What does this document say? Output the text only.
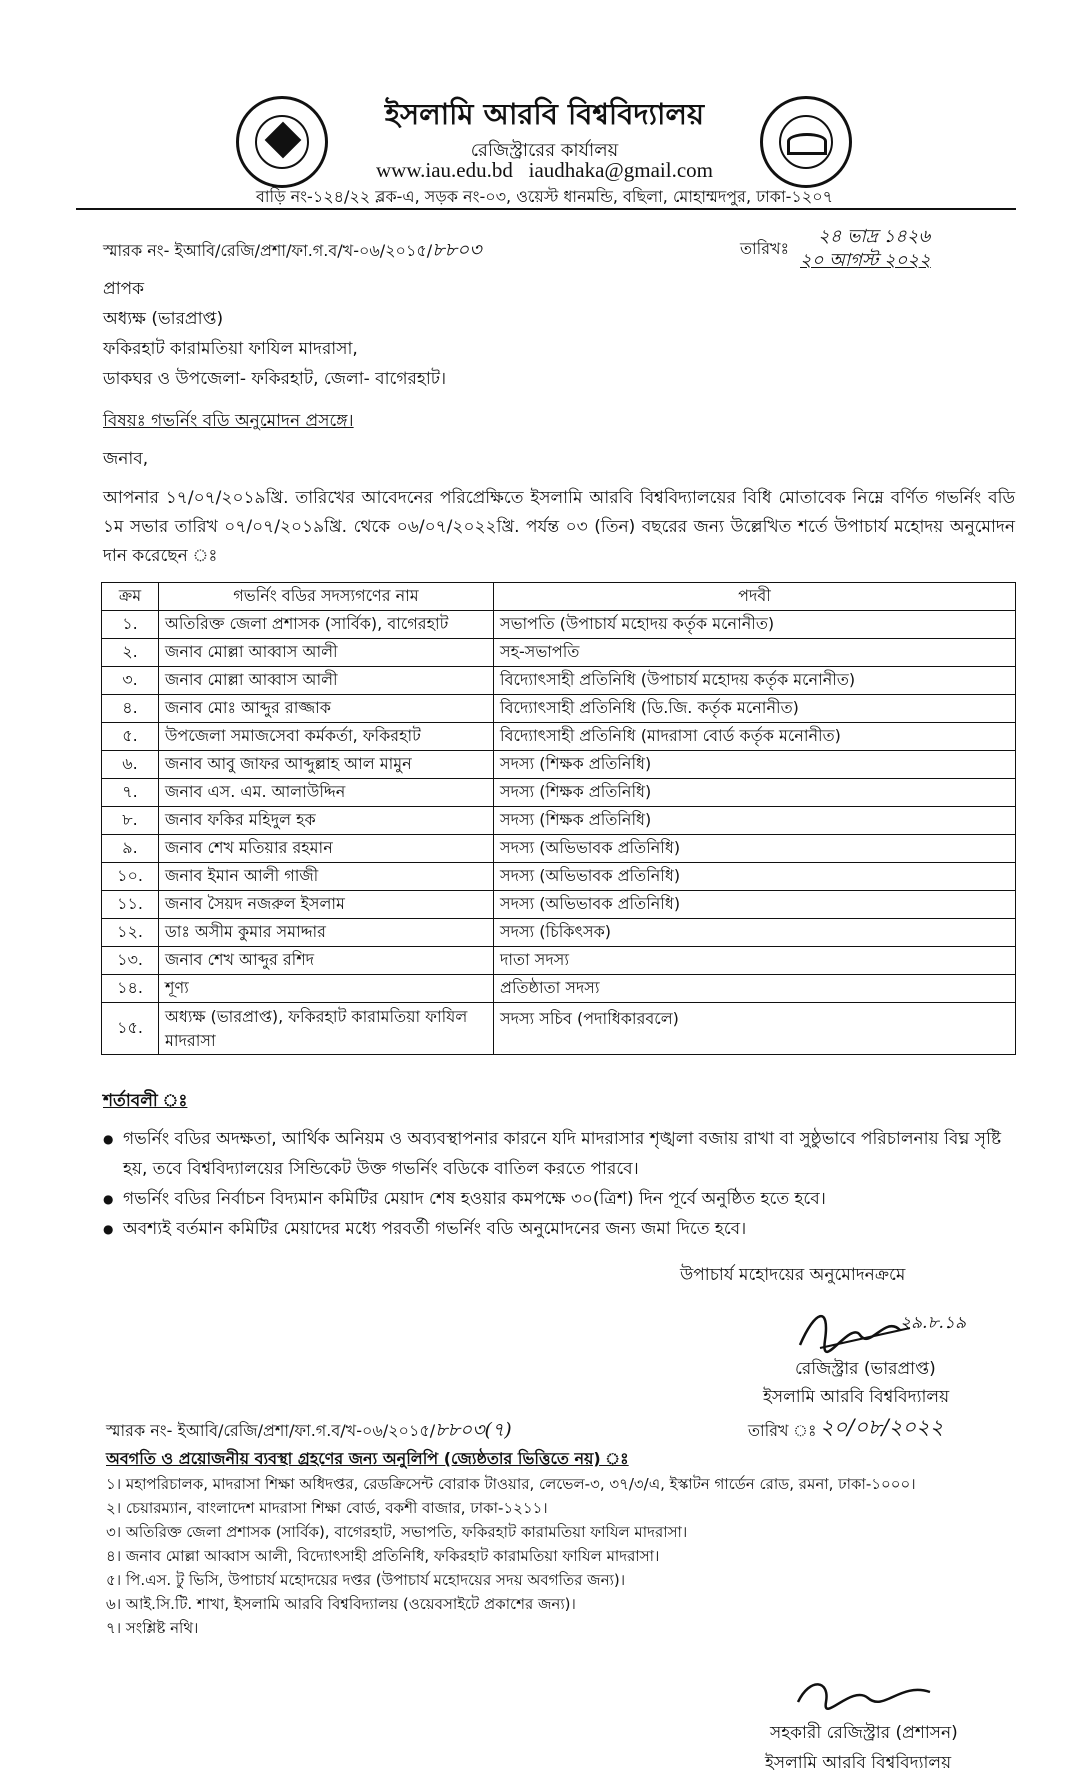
ইসলামি আরবি বিশ্ববিদ্যালয়
রেজিস্ট্রারের কার্যালয়
www.iau.edu.bd iaudhaka@gmail.com
বাড়ি নং-১২৪/২২ ব্লক-এ, সড়ক নং-০৩, ওয়েস্ট ধানমন্ডি, বছিলা, মোহাম্মদপুর, ঢাকা-১২০৭
স্মারক নং- ইআবি/রেজি/প্রশা/ফা.গ.ব/খ-০৬/২০১৫/৮৮০৩	তারিখঃ
২৪ ভাদ্র ১৪২৬
২০ আগস্ট ২০২২
প্রাপক
অধ্যক্ষ (ভারপ্রাপ্ত)
ফকিরহাট কারামতিয়া ফাযিল মাদরাসা,
ডাকঘর ও উপজেলা- ফকিরহাট, জেলা- বাগেরহাট।
বিষয়ঃ গভর্নিং বডি অনুমোদন প্রসঙ্গে।
জনাব,
আপনার ১৭/০৭/২০১৯খ্রি. তারিখের আবেদনের পরিপ্রেক্ষিতে ইসলামি আরবি বিশ্ববিদ্যালয়ের বিধি মোতাবেক নিম্নে বর্ণিত গভর্নিং বডি ১ম সভার তারিখ ০৭/০৭/২০১৯খ্রি. থেকে ০৬/০৭/২০২২খ্রি. পর্যন্ত ০৩ (তিন) বছরের জন্য উল্লেখিত শর্তে উপাচার্য মহোদয় অনুমোদন দান করেছেন ঃ
ক্রম	গভর্নিং বডির সদস্যগণের নাম	পদবী
১.	অতিরিক্ত জেলা প্রশাসক (সার্বিক), বাগেরহাট	সভাপতি (উপাচার্য মহোদয় কর্তৃক মনোনীত)
২.	জনাব মোল্লা আব্বাস আলী	সহ-সভাপতি
৩.	জনাব মোল্লা আব্বাস আলী	বিদ্যোৎসাহী প্রতিনিধি (উপাচার্য মহোদয় কর্তৃক মনোনীত)
৪.	জনাব মোঃ আব্দুর রাজ্জাক	বিদ্যোৎসাহী প্রতিনিধি (ডি.জি. কর্তৃক মনোনীত)
৫.	উপজেলা সমাজসেবা কর্মকর্তা, ফকিরহাট	বিদ্যোৎসাহী প্রতিনিধি (মাদরাসা বোর্ড কর্তৃক মনোনীত)
৬.	জনাব আবু জাফর আব্দুল্লাহ আল মামুন	সদস্য (শিক্ষক প্রতিনিধি)
৭.	জনাব এস. এম. আলাউদ্দিন	সদস্য (শিক্ষক প্রতিনিধি)
৮.	জনাব ফকির মহিদুল হক	সদস্য (শিক্ষক প্রতিনিধি)
৯.	জনাব শেখ মতিয়ার রহমান	সদস্য (অভিভাবক প্রতিনিধি)
১০.	জনাব ইমান আলী গাজী	সদস্য (অভিভাবক প্রতিনিধি)
১১.	জনাব সৈয়দ নজরুল ইসলাম	সদস্য (অভিভাবক প্রতিনিধি)
১২.	ডাঃ অসীম কুমার সমাদ্দার	সদস্য (চিকিৎসক)
১৩.	জনাব শেখ আব্দুর রশিদ	দাতা সদস্য
১৪.	শূণ্য	প্রতিষ্ঠাতা সদস্য
১৫.	অধ্যক্ষ (ভারপ্রাপ্ত), ফকিরহাট কারামতিয়া ফাযিল মাদরাসা	সদস্য সচিব (পদাধিকারবলে)
শর্তাবলী ঃ
● গভর্নিং বডির অদক্ষতা, আর্থিক অনিয়ম ও অব্যবস্থাপনার কারনে যদি মাদরাসার শৃঙ্খলা বজায় রাখা বা সুষ্ঠুভাবে পরিচালনায় বিঘ্ন সৃষ্টি হয়, তবে বিশ্ববিদ্যালয়ের সিন্ডিকেট উক্ত গভর্নিং বডিকে বাতিল করতে পারবে।
● গভর্নিং বডির নির্বাচন বিদ্যমান কমিটির মেয়াদ শেষ হওয়ার কমপক্ষে ৩০(ত্রিশ) দিন পূর্বে অনুষ্ঠিত হতে হবে।
● অবশ্যই বর্তমান কমিটির মেয়াদের মধ্যে পরবর্তী গভর্নিং বডি অনুমোদনের জন্য জমা দিতে হবে।
উপাচার্য মহোদয়ের অনুমোদনক্রমে
২৯.৮.১৯
রেজিস্ট্রার (ভারপ্রাপ্ত)
ইসলামি আরবি বিশ্ববিদ্যালয়
স্মারক নং- ইআবি/রেজি/প্রশা/ফা.গ.ব/খ-০৬/২০১৫/৮৮০৩(৭)	তারিখ ঃ ২০/০৮/২০২২
অবগতি ও প্রয়োজনীয় ব্যবস্থা গ্রহণের জন্য অনুলিপি (জ্যেষ্ঠতার ভিত্তিতে নয়) ঃ
১। মহাপরিচালক, মাদরাসা শিক্ষা অধিদপ্তর, রেডক্রিসেন্ট বোরাক টাওয়ার, লেভেল-৩, ৩৭/৩/এ, ইস্কাটন গার্ডেন রোড, রমনা, ঢাকা-১০০০।
২। চেয়ারম্যান, বাংলাদেশ মাদরাসা শিক্ষা বোর্ড, বকশী বাজার, ঢাকা-১২১১।
৩। অতিরিক্ত জেলা প্রশাসক (সার্বিক), বাগেরহাট, সভাপতি, ফকিরহাট কারামতিয়া ফাযিল মাদরাসা।
৪। জনাব মোল্লা আব্বাস আলী, বিদ্যোৎসাহী প্রতিনিধি, ফকিরহাট কারামতিয়া ফাযিল মাদরাসা।
৫। পি.এস. টু ভিসি, উপাচার্য মহোদয়ের দপ্তর (উপাচার্য মহোদয়ের সদয় অবগতির জন্য)।
৬। আই.সি.টি. শাখা, ইসলামি আরবি বিশ্ববিদ্যালয় (ওয়েবসাইটে প্রকাশের জন্য)।
৭। সংশ্লিষ্ট নথি।
সহকারী রেজিস্ট্রার (প্রশাসন)
ইসলামি আরবি বিশ্ববিদ্যালয়
